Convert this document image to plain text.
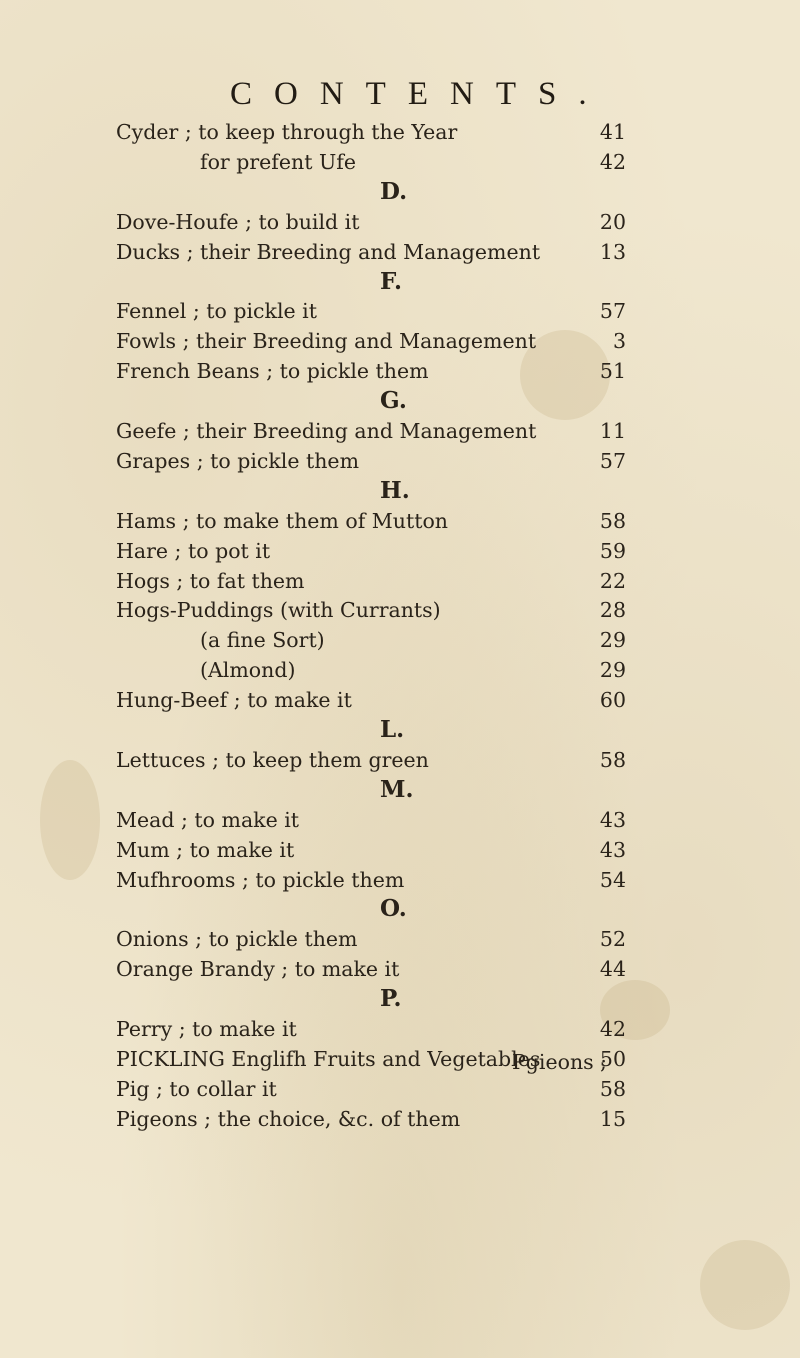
CONTENTS.
Cyder ; to keep through the Year	41
for prefent Ufe	42
D.
Dove-Houfe ; to build it	20
Ducks ; their Breeding and Management	13
F.
Fennel ; to pickle it	57
Fowls ; their Breeding and Management	3
French Beans ; to pickle them	51
G.
Geefe ; their Breeding and Management	11
Grapes ; to pickle them	57
H.
Hams ; to make them of Mutton	58
Hare ; to pot it	59
Hogs ; to fat them	22
Hogs-Puddings (with Currants)	28
(a fine Sort)	29
(Almond)	29
Hung-Beef ; to make it	60
L.
Lettuces ; to keep them green	58
M.
Mead ; to make it	43
Mum ; to make it	43
Mufhrooms ; to pickle them	54
O.
Onions ; to pickle them	52
Orange Brandy ; to make it	44
P.
Perry ; to make it	42
PICKLING Englifh Fruits and Vegetables	50
Pig ; to collar it	58
Pigeons ; the choice, &c. of them	15
Pgieons ;
